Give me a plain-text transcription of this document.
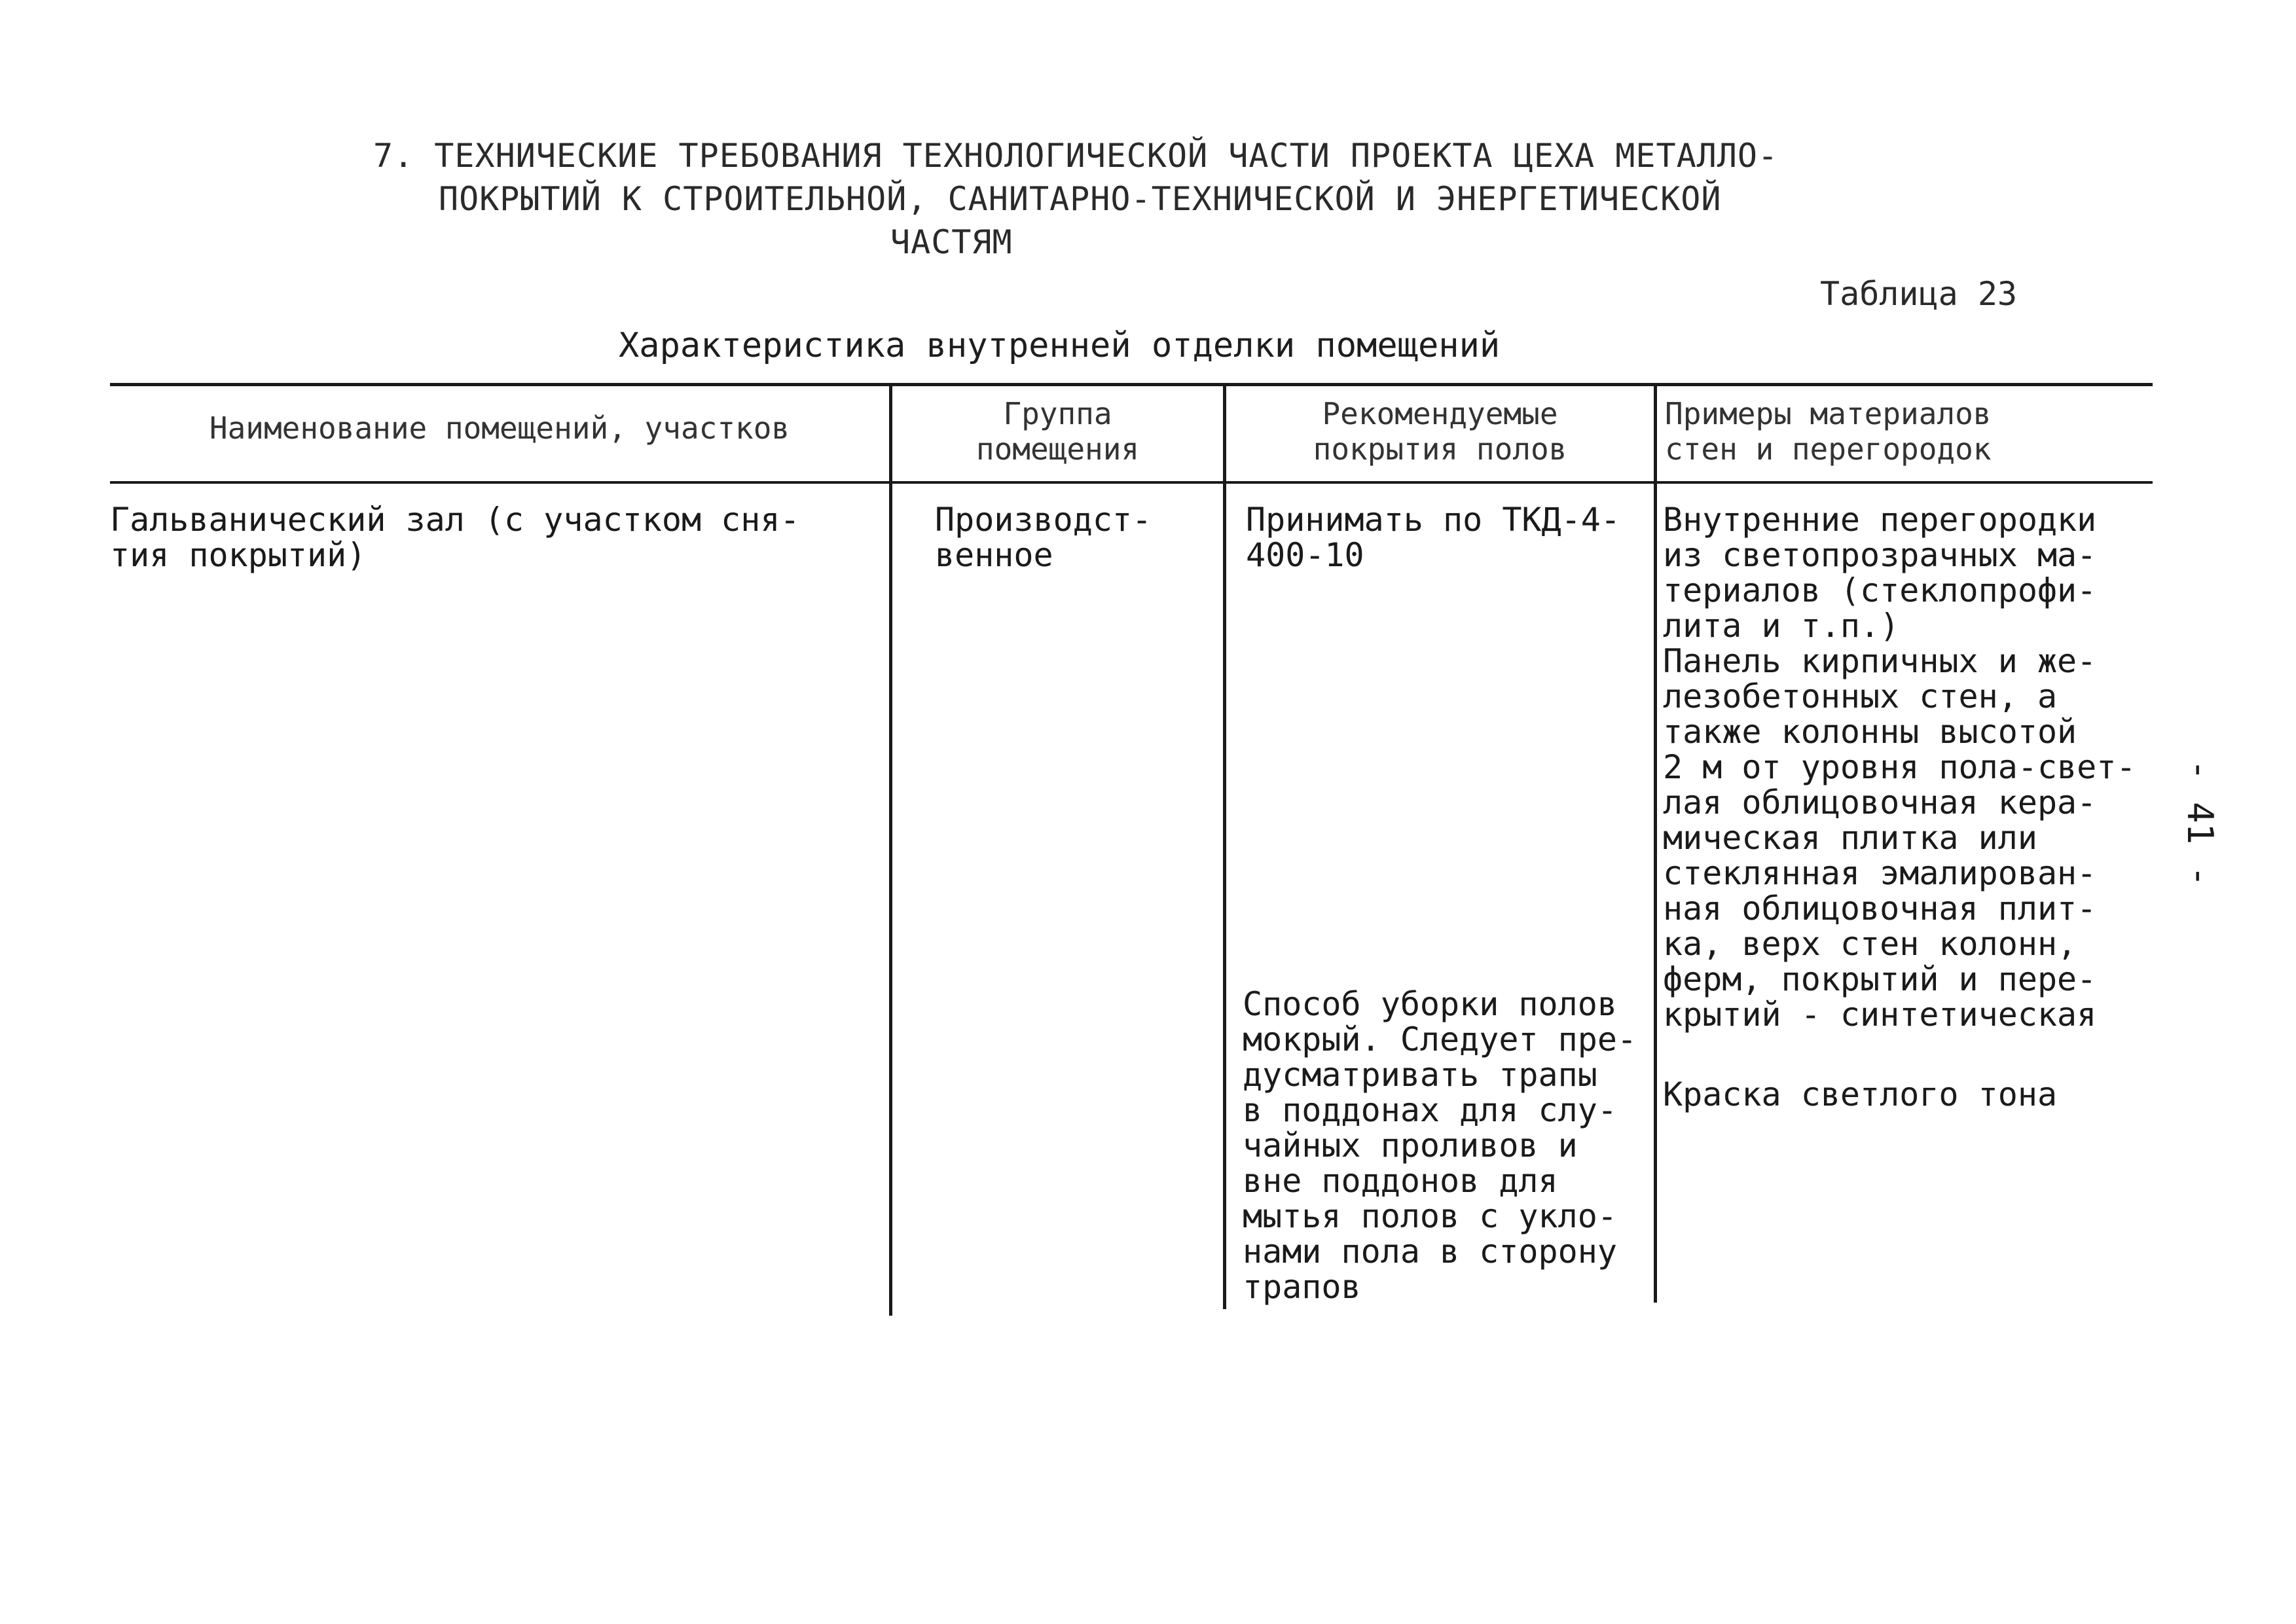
7. ТЕХНИЧЕСКИЕ ТРЕБОВАНИЯ ТЕХНОЛОГИЧЕСКОЙ ЧАСТИ ПРОЕКТА ЦЕХА МЕТАЛЛО-
ПОКРЫТИЙ К СТРОИТЕЛЬНОЙ, САНИТАРНО-ТЕХНИЧЕСКОЙ И ЭНЕРГЕТИЧЕСКОЙ
ЧАСТЯМ
Таблица 23
Характеристика внутренней отделки помещений
Наименование помещений, участков	Группа
помещения
Рекомендуемые
покрытия полов
Примеры материалов
стен и перегородок
Гальванический зал (с участком сня-
тия покрытий)
Производст-
венное
Принимать по ТКД-4-
400-10
Способ уборки полов
мокрый. Следует пре-
дусматривать трапы
в поддонах для слу-
чайных проливов и
вне поддонов для
мытья полов с укло-
нами пола в сторону
трапов
Внутренние перегородки
из светопрозрачных ма-
териалов (стеклопрофи-
лита и т.п.)
Панель кирпичных и же-
лезобетонных стен, а
также колонны высотой
2 м от уровня пола-свет-
лая облицовочная кера-
мическая плитка или
стеклянная эмалирован-
ная облицовочная плит-
ка, верх стен колонн,
ферм, покрытий и пере-
крытий - синтетическая
Краска светлого тона
- 41 -
